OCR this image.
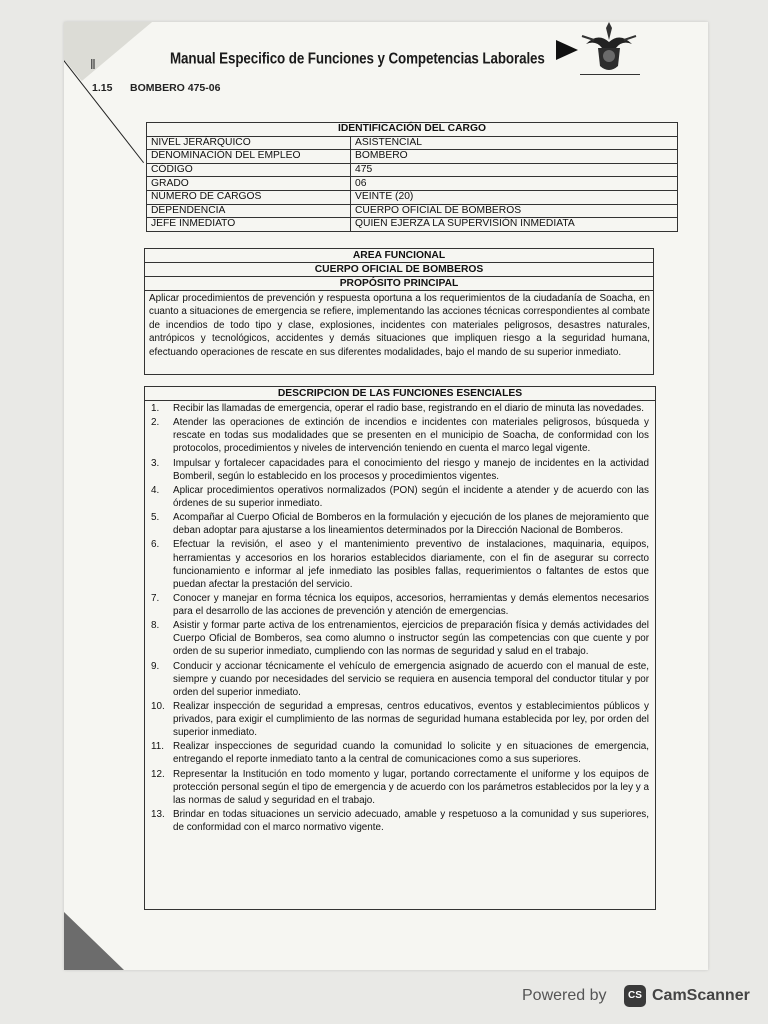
‖	Manual Especifico de Funciones y Competencias Laborales
1.15 BOMBERO 475-06
IDENTIFICACIÓN DEL CARGO	
NIVEL JERÁRQUICO	ASISTENCIAL
DENOMINACIÓN DEL EMPLEO	BOMBERO
CÓDIGO	475
GRADO	06
NÚMERO DE CARGOS	VEINTE (20)
DEPENDENCIA	CUERPO OFICIAL DE BOMBEROS
JEFE INMEDIATO	QUIEN EJERZA LA SUPERVISIÓN INMEDIATA
AREA FUNCIONAL
CUERPO OFICIAL DE BOMBEROS
PROPÓSITO PRINCIPAL
Aplicar procedimientos de prevención y respuesta oportuna a los requerimientos de la ciudadanía de Soacha, en cuanto a situaciones de emergencia se refiere, implementando las acciones técnicas correspondientes al combate de incendios de todo tipo y clase, explosiones, incidentes con materiales peligrosos, desastres naturales, antrópicos y tecnológicos, accidentes y demás situaciones que impliquen riesgo a la seguridad humana, efectuando operaciones de rescate en sus diferentes modalidades, bajo el mando de su superior inmediato.
DESCRIPCION DE LAS FUNCIONES ESENCIALES
1.	Recibir las llamadas de emergencia, operar el radio base, registrando en el diario de minuta las novedades.
2.	Atender las operaciones de extinción de incendios e incidentes con materiales peligrosos, búsqueda y rescate en todas sus modalidades que se presenten en el municipio de Soacha, de conformidad con los protocolos, procedimientos y niveles de intervención teniendo en cuenta el marco legal vigente.
3.	Impulsar y fortalecer capacidades para el conocimiento del riesgo y manejo de incidentes en la actividad Bomberil, según lo establecido en los procesos y procedimientos vigentes.
4.	Aplicar procedimientos operativos normalizados (PON) según el incidente a atender y de acuerdo con las órdenes de su superior inmediato.
5.	Acompañar al Cuerpo Oficial de Bomberos en la formulación y ejecución de los planes de mejoramiento que deban adoptar para ajustarse a los lineamientos determinados por la Dirección Nacional de Bomberos.
6.	Efectuar la revisión, el aseo y el mantenimiento preventivo de instalaciones, maquinaria, equipos, herramientas y accesorios en los horarios establecidos diariamente, con el fin de asegurar su correcto funcionamiento e informar al jefe inmediato las posibles fallas, requerimientos o faltantes de estos que puedan afectar la prestación del servicio.
7.	Conocer y manejar en forma técnica los equipos, accesorios, herramientas y demás elementos necesarios para el desarrollo de las acciones de prevención y atención de emergencias.
8.	Asistir y formar parte activa de los entrenamientos, ejercicios de preparación física y demás actividades del Cuerpo Oficial de Bomberos, sea como alumno o instructor según las competencias con que cuente y por orden de su superior inmediato, cumpliendo con las normas de seguridad y salud en el trabajo.
9.	Conducir y accionar técnicamente el vehículo de emergencia asignado de acuerdo con el manual de este, siempre y cuando por necesidades del servicio se requiera en ausencia temporal del conductor titular y por orden del superior inmediato.
10. Realizar inspección de seguridad a empresas, centros educativos, eventos y establecimientos públicos y privados, para exigir el cumplimiento de las normas de seguridad humana establecida por ley, por orden del superior inmediato.
11. Realizar inspecciones de seguridad cuando la comunidad lo solicite y en situaciones de emergencia, entregando el reporte inmediato tanto a la central de comunicaciones como a sus superiores.
12. Representar la Institución en todo momento y lugar, portando correctamente el uniforme y los equipos de protección personal según el tipo de emergencia y de acuerdo con los parámetros establecidos por la ley y a las normas de salud y seguridad en el trabajo.
13. Brindar en todas situaciones un servicio adecuado, amable y respetuoso a la comunidad y sus superiores, de conformidad con el marco normativo vigente.
Powered by	CS CamScanner
